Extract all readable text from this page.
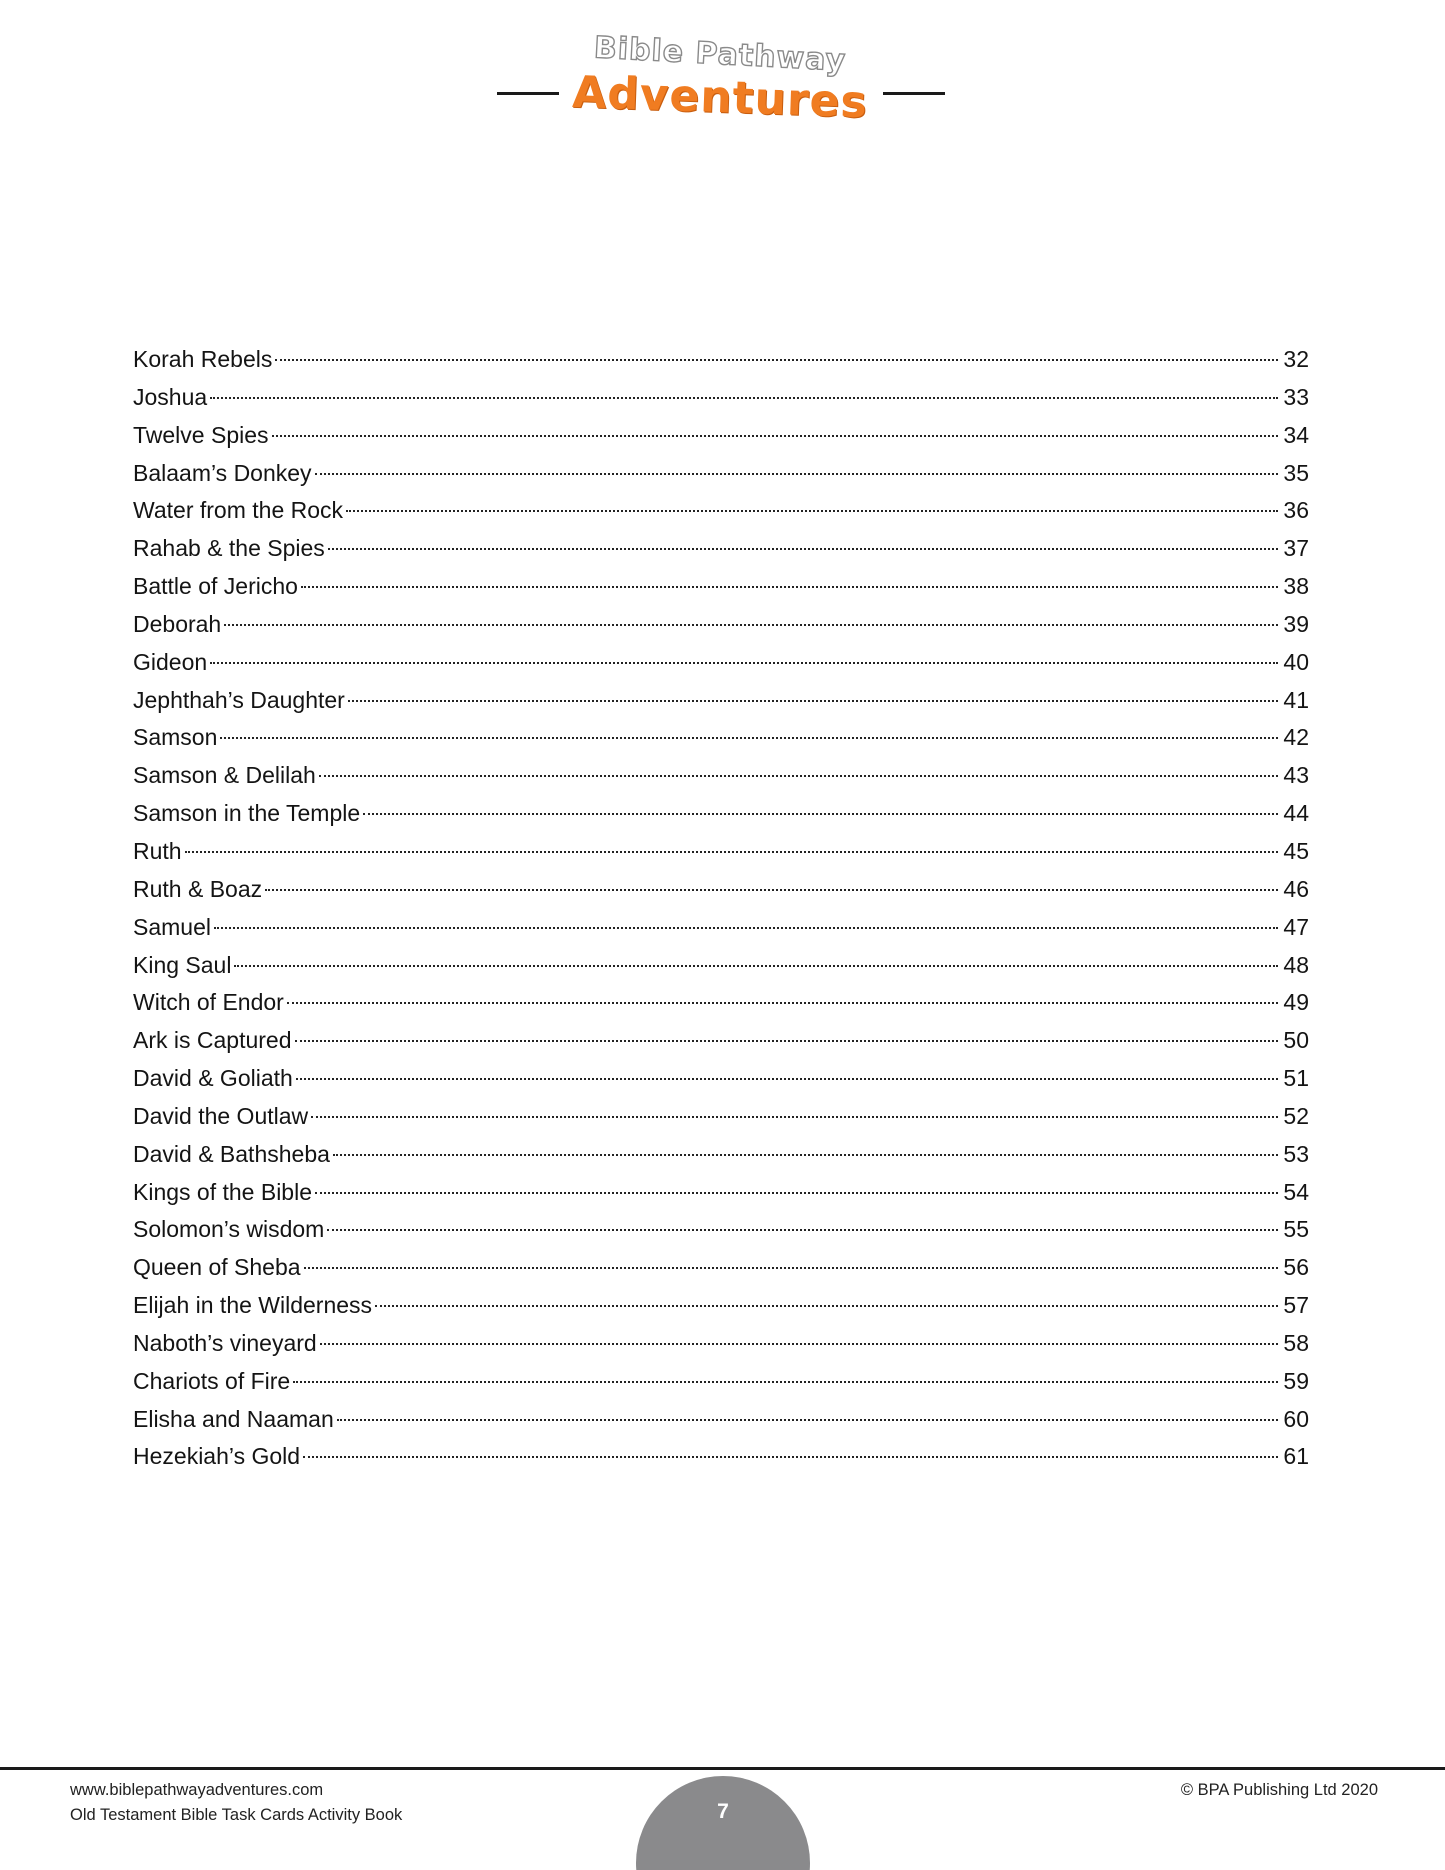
Bible Pathway
Adventures
Korah Rebels	32
Joshua	33
Twelve Spies	34
Balaam’s Donkey	35
Water from the Rock	36
Rahab & the Spies	37
Battle of Jericho	38
Deborah	39
Gideon	40
Jephthah’s Daughter	41
Samson	42
Samson & Delilah	43
Samson in the Temple	44
Ruth	45
Ruth & Boaz	46
Samuel	47
King Saul	48
Witch of Endor	49
Ark is Captured	50
David & Goliath	51
David the Outlaw	52
David & Bathsheba	53
Kings of the Bible	54
Solomon’s wisdom	55
Queen of Sheba	56
Elijah in the Wilderness	57
Naboth’s vineyard	58
Chariots of Fire	59
Elisha and Naaman	60
Hezekiah’s Gold	61
www.biblepathwayadventures.com
Old Testament Bible Task Cards Activity Book	7
© BPA Publishing Ltd 2020
